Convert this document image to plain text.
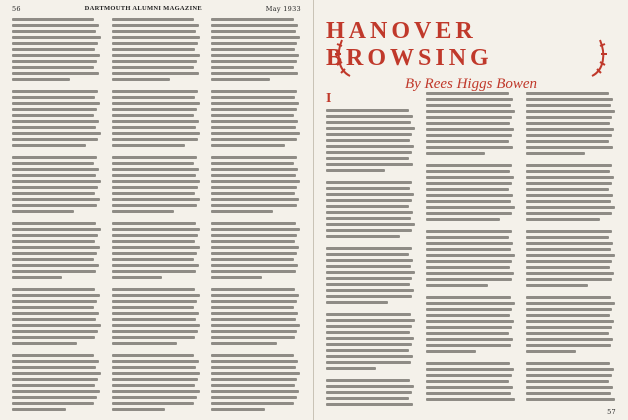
56	DARTMOUTH ALUMNI MAGAZINE	May 1933
HANOVER BROWSING
By Rees Higgs Bowen
I
57
